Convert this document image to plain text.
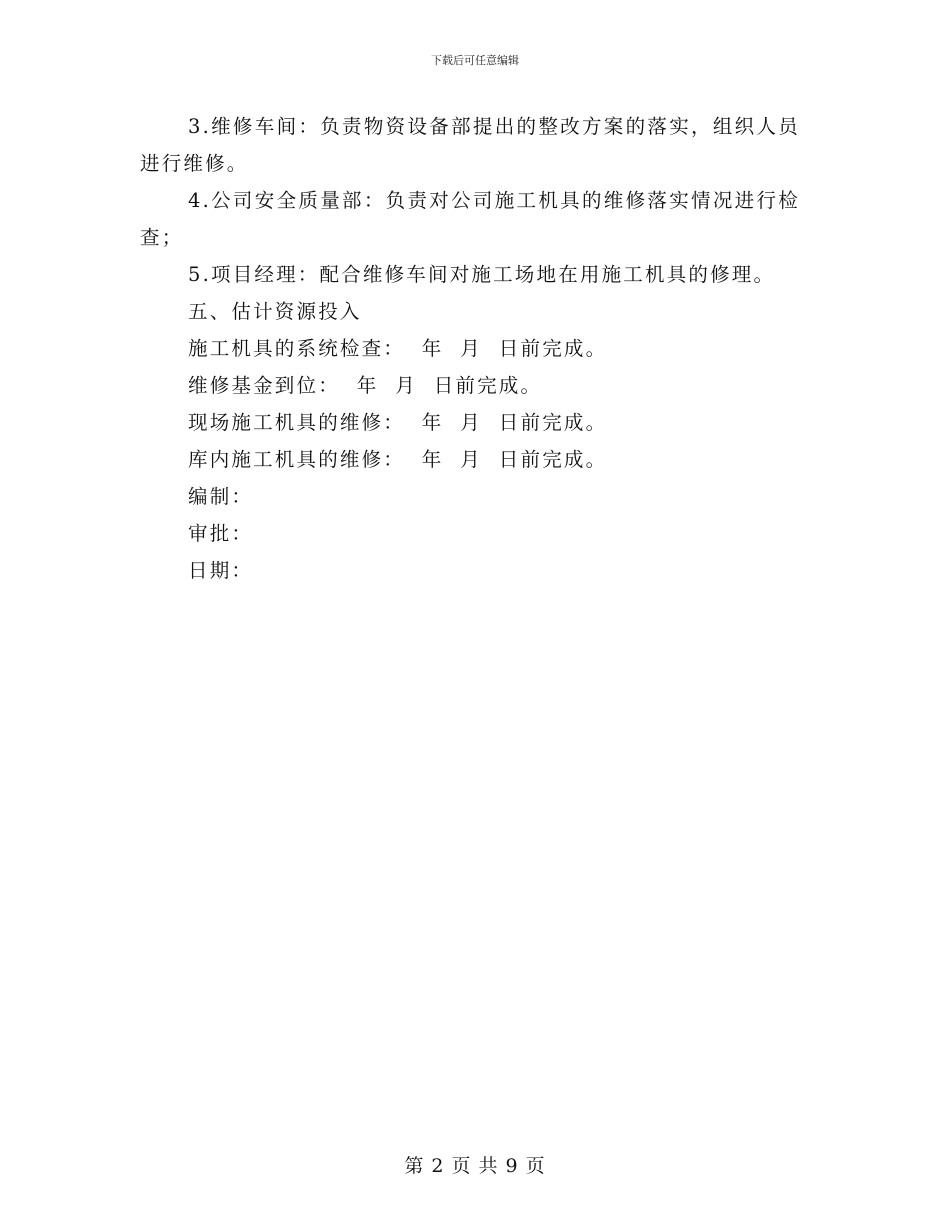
下载后可任意编辑

3.维修车间：负责物资设备部提出的整改方案的落实，组织人员进行维修。

4.公司安全质量部：负责对公司施工机具的维修落实情况进行检查；

5.项目经理：配合维修车间对施工场地在用施工机具的修理。

五、估计资源投入

施工机具的系统检查：  年  月  日前完成。

维修基金到位：  年  月  日前完成。

现场施工机具的维修：  年  月  日前完成。

库内施工机具的维修：  年  月  日前完成。

编制：

审批：

日期：

第 2 页 共 9 页
